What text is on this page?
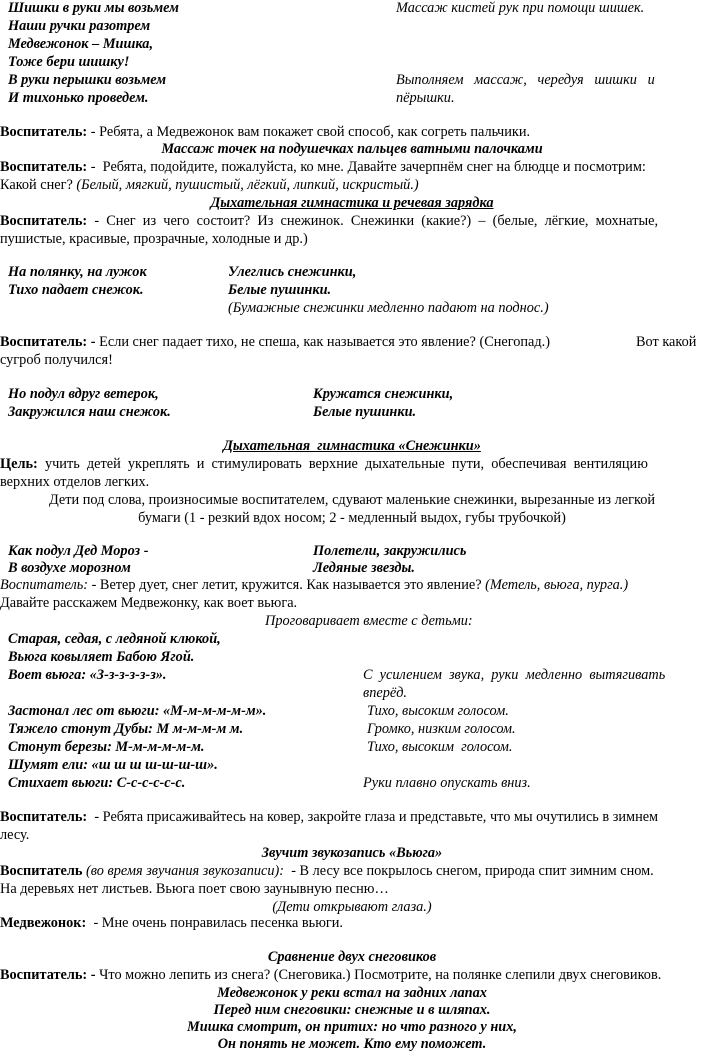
Шишки в руки мы возьмем	Массаж кистей рук при помощи шишек.
Наши ручки разотрем
Медвежонок – Мишка,
Тоже бери шишку!
В руки перышки возьмем	Выполняем   массаж,   чередуя   шишки   и
И тихонько проведем.	пёрышки.
Воспитатель: - Ребята, а Медвежонок вам покажет свой способ, как согреть пальчики.
Массаж точек на подушечках пальцев ватными палочками
Воспитатель: -  Ребята, подойдите, пожалуйста, ко мне. Давайте зачерпнём снег на блюдце и посмотрим:
Какой снег? (Белый, мягкий, пушистый, лёгкий, липкий, искристый.)
Дыхательная гимнастика и речевая зарядка
Воспитатель:  -  Снег  из  чего  состоит?  Из  снежинок.  Снежинки  (какие?)  –  (белые,  лёгкие,  мохнатые,
пушистые, красивые, прозрачные, холодные и др.)
На полянку, на лужок	Улеглись снежинки,
Тихо падает снежок.	Белые пушинки.
(Бумажные снежинки медленно падают на поднос.)
Воспитатель: - Если снег падает тихо, не спеша, как называется это явление? (Снегопад.)	Вот какой
сугроб получился!
Но подул вдруг ветерок,	Кружатся снежинки,
Закружился наш снежок.	Белые пушинки.
Дыхательная  гимнастика «Снежинки»
Цель:  учить  детей  укреплять  и  стимулировать  верхние  дыхательные  пути,  обеспечивая  вентиляцию
верхних отделов легких.
Дети под слова, произносимые воспитателем, сдувают маленькие снежинки, вырезанные из легкой
бумаги (1 - резкий вдох носом; 2 - медленный выдох, губы трубочкой)
Как подул Дед Мороз -	Полетели, закружились
В воздухе морозном	Ледяные звезды.
Воспитатель: - Ветер дует, снег летит, кружится. Как называется это явление? (Метель, вьюга, пурга.)
Давайте расскажем Медвежонку, как воет вьюга.
Проговаривает вместе с детьми:
Старая, седая, с ледяной клюкой,
Вьюга ковыляет Бабою Ягой.
Воет вьюга: «З-з-з-з-з-з».	С  усилением  звука,  руки  медленно  вытягивать
вперёд.
Застонал лес от вьюги: «М-м-м-м-м-м».	Тихо, высоким голосом.
Тяжело стонут Дубы: М м-м-м-м м.	Громко, низким голосом.
Стонут березы: М-м-м-м-м-м.	Тихо, высоким  голосом.
Шумят ели: «ш ш ш ш-ш-ш-ш».
Стихает вьюги: С-с-с-с-с-с.	Руки плавно опускать вниз.
Воспитатель:  - Ребята присаживайтесь на ковер, закройте глаза и представьте, что мы очутились в зимнем
лесу.
Звучит звукозапись «Вьюга»
Воспитатель (во время звучания звукозаписи):  - В лесу все покрылось снегом, природа спит зимним сном.
На деревьях нет листьев. Вьюга поет свою заунывную песню…
(Дети открывают глаза.)
Медвежонок:  - Мне очень понравилась песенка вьюги.
Сравнение двух снеговиков
Воспитатель: - Что можно лепить из снега? (Снеговика.) Посмотрите, на полянке слепили двух снеговиков.
Медвежонок у реки встал на задних лапах
Перед ним снеговики: снежные и в шляпах.
Мишка смотрит, он притих: но что разного у них,
Он понять не может. Кто ему поможет.
